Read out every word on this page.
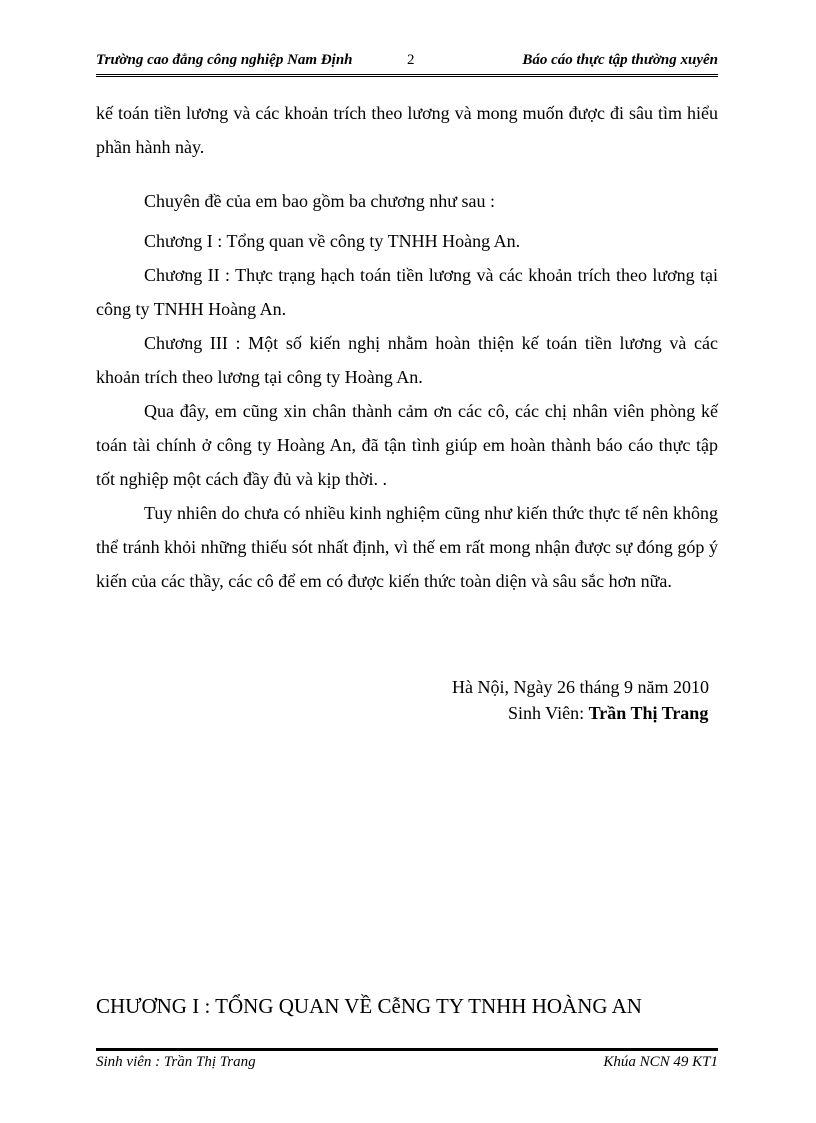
Trường cao đẳng công nghiệp Nam Định	2	Báo cáo thực tập thường xuyên

kế toán tiền lương và các khoản trích theo lương và mong muốn được đi sâu tìm hiểu phần hành này.

Chuyên đề của em bao gồm ba chương như sau :

Chương I : Tổng quan về công ty TNHH Hoàng An.

Chương II : Thực trạng hạch toán tiền lương và các khoản trích theo lương tại công ty TNHH Hoàng An.

Chương III : Một số kiến nghị nhằm hoàn thiện kế toán tiền lương và các khoản trích theo lương tại công ty Hoàng An.

Qua đây, em cũng xin chân thành cảm ơn các cô, các chị nhân viên phòng kế toán tài chính ở công ty Hoàng An, đã tận tình giúp em hoàn thành báo cáo thực tập tốt nghiệp một cách đầy đủ và kịp thời. .

Tuy nhiên do chưa có nhiều kinh nghiệm cũng như kiến thức thực tế nên không thể tránh khỏi những thiếu sót nhất định, vì thế em rất mong nhận được sự đóng góp ý kiến của các thầy, các cô để em có được kiến thức toàn diện và sâu sắc hơn nữa.

Hà Nội, Ngày 26 tháng 9 năm 2010
Sinh Viên: Trần Thị Trang
CHƯƠNG I : TỔNG QUAN VỀ CễNG TY TNHH HOÀNG AN
Sinh viên : Trần Thị Trang	Khúa NCN 49 KT1
